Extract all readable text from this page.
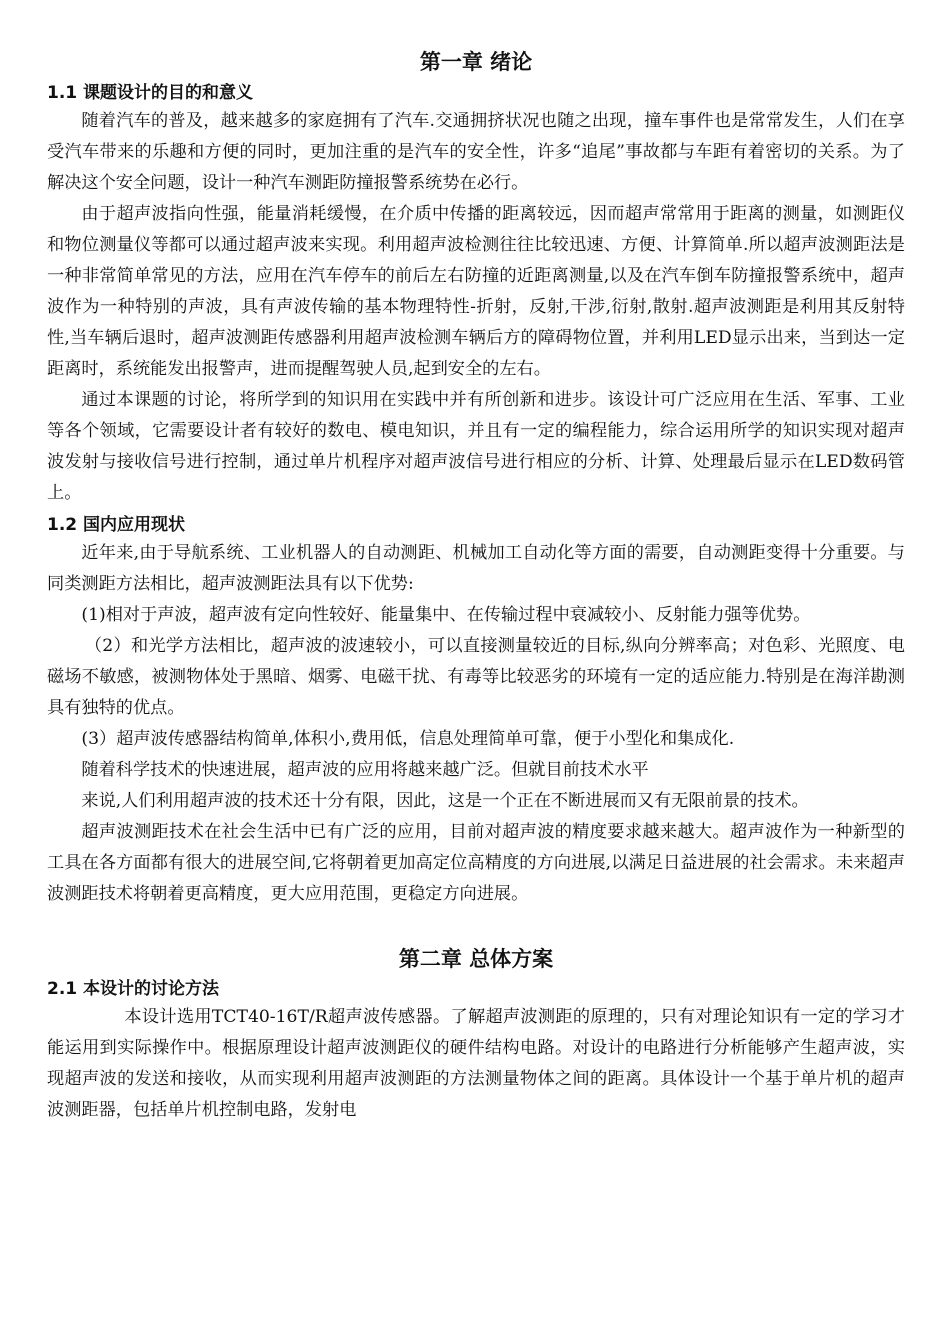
第一章 绪论
1.1 课题设计的目的和意义

随着汽车的普及，越来越多的家庭拥有了汽车.交通拥挤状况也随之出现，撞车事件也是常常发生，人们在享受汽车带来的乐趣和方便的同时，更加注重的是汽车的安全性，许多“追尾”事故都与车距有着密切的关系。为了解决这个安全问题，设计一种汽车测距防撞报警系统势在必行。

由于超声波指向性强，能量消耗缓慢，在介质中传播的距离较远，因而超声常常用于距离的测量，如测距仪和物位测量仪等都可以通过超声波来实现。利用超声波检测往往比较迅速、方便、计算简单.所以超声波测距法是一种非常简单常见的方法，应用在汽车停车的前后左右防撞的近距离测量,以及在汽车倒车防撞报警系统中，超声波作为一种特别的声波，具有声波传输的基本物理特性-折射，反射,干涉,衍射,散射.超声波测距是利用其反射特性,当车辆后退时，超声波测距传感器利用超声波检测车辆后方的障碍物位置，并利用LED显示出来，当到达一定距离时，系统能发出报警声，进而提醒驾驶人员,起到安全的左右。

通过本课题的讨论，将所学到的知识用在实践中并有所创新和进步。该设计可广泛应用在生活、军事、工业等各个领域，它需要设计者有较好的数电、模电知识，并且有一定的编程能力，综合运用所学的知识实现对超声波发射与接收信号进行控制，通过单片机程序对超声波信号进行相应的分析、计算、处理最后显示在LED数码管上。

1.2 国内应用现状

近年来,由于导航系统、工业机器人的自动测距、机械加工自动化等方面的需要，自动测距变得十分重要。与同类测距方法相比，超声波测距法具有以下优势:

(1)相对于声波，超声波有定向性较好、能量集中、在传输过程中衰减较小、反射能力强等优势。

（2）和光学方法相比，超声波的波速较小，可以直接测量较近的目标,纵向分辨率高；对色彩、光照度、电磁场不敏感，被测物体处于黑暗、烟雾、电磁干扰、有毒等比较恶劣的环境有一定的适应能力.特别是在海洋勘测具有独特的优点。

(3）超声波传感器结构简单,体积小,费用低，信息处理简单可靠，便于小型化和集成化.

随着科学技术的快速进展，超声波的应用将越来越广泛。但就目前技术水平

来说,人们利用超声波的技术还十分有限，因此，这是一个正在不断进展而又有无限前景的技术。

超声波测距技术在社会生活中已有广泛的应用，目前对超声波的精度要求越来越大。超声波作为一种新型的工具在各方面都有很大的进展空间,它将朝着更加高定位高精度的方向进展,以满足日益进展的社会需求。未来超声波测距技术将朝着更高精度，更大应用范围，更稳定方向进展。

第二章 总体方案
2.1 本设计的讨论方法

本设计选用TCT40-16T/R超声波传感器。了解超声波测距的原理的，只有对理论知识有一定的学习才能运用到实际操作中。根据原理设计超声波测距仪的硬件结构电路。对设计的电路进行分析能够产生超声波，实现超声波的发送和接收，从而实现利用超声波测距的方法测量物体之间的距离。具体设计一个基于单片机的超声波测距器，包括单片机控制电路，发射电
